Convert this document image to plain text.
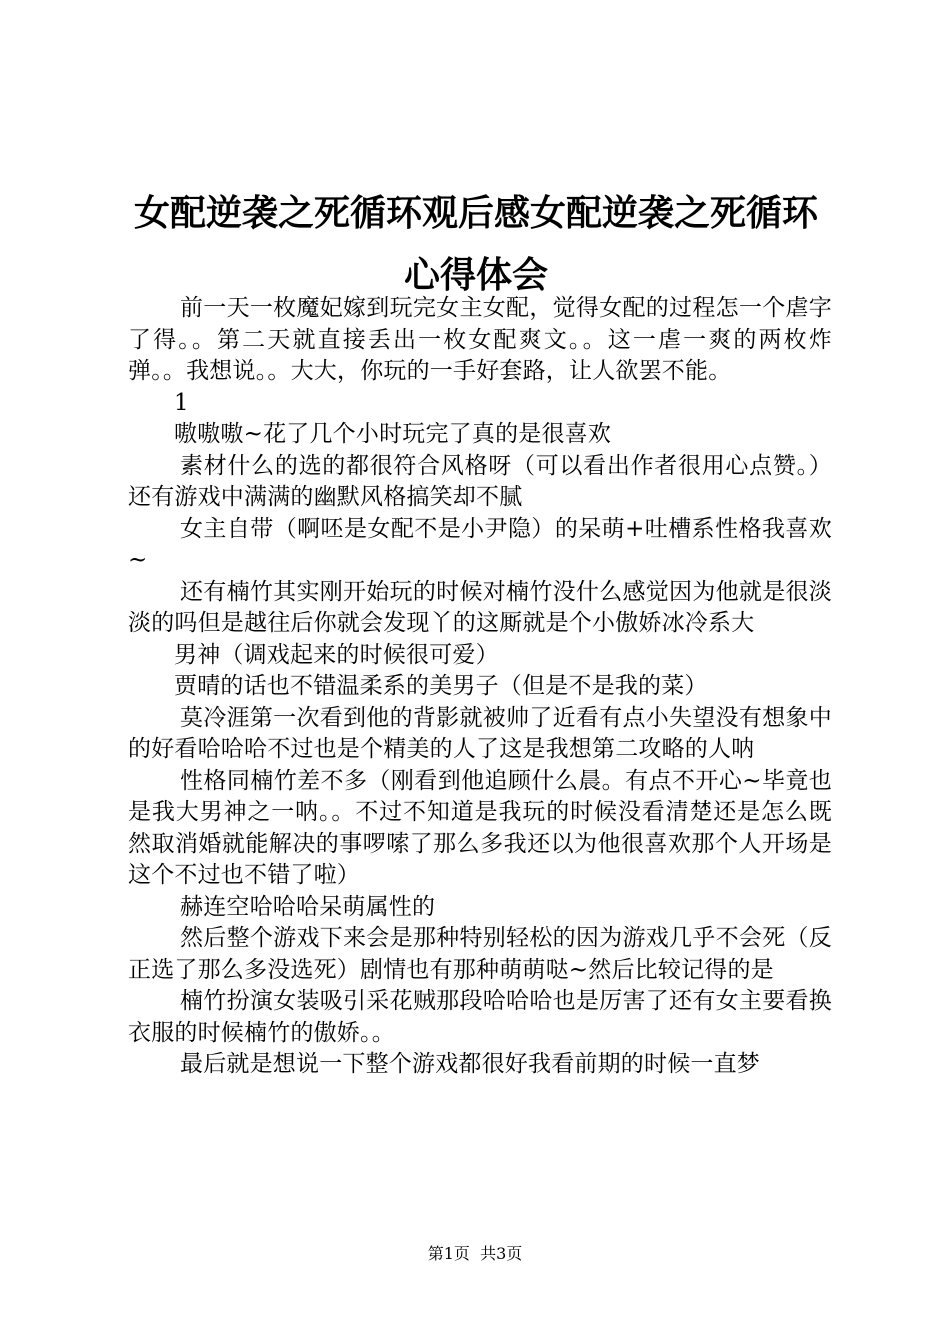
女配逆袭之死循环观后感女配逆袭之死循环心得体会

前一天一枚魔妃嫁到玩完女主女配，觉得女配的过程怎一个虐字了得。。第二天就直接丢出一枚女配爽文。。这一虐一爽的两枚炸弹。。我想说。。大大，你玩的一手好套路，让人欲罢不能。

1

嗷嗷嗷~花了几个小时玩完了真的是很喜欢

素材什么的选的都很符合风格呀（可以看出作者很用心点赞。）还有游戏中满满的幽默风格搞笑却不腻

女主自带（啊呸是女配不是小尹隐）的呆萌+吐槽系性格我喜欢~

还有楠竹其实刚开始玩的时候对楠竹没什么感觉因为他就是很淡淡的吗但是越往后你就会发现丫的这厮就是个小傲娇冰冷系大

男神（调戏起来的时候很可爱）

贾晴的话也不错温柔系的美男子（但是不是我的菜）

莫冷涯第一次看到他的背影就被帅了近看有点小失望没有想象中的好看哈哈哈不过也是个精美的人了这是我想第二攻略的人呐

性格同楠竹差不多（刚看到他追顾什么晨。有点不开心~毕竟也是我大男神之一呐。。不过不知道是我玩的时候没看清楚还是怎么既然取消婚就能解决的事啰嗦了那么多我还以为他很喜欢那个人开场是这个不过也不错了啦）

赫连空哈哈哈呆萌属性的

然后整个游戏下来会是那种特别轻松的因为游戏几乎不会死（反正选了那么多没选死）剧情也有那种萌萌哒~然后比较记得的是

楠竹扮演女装吸引采花贼那段哈哈哈也是厉害了还有女主要看换衣服的时候楠竹的傲娇。。

最后就是想说一下整个游戏都很好我看前期的时候一直梦

第1页  共3页
